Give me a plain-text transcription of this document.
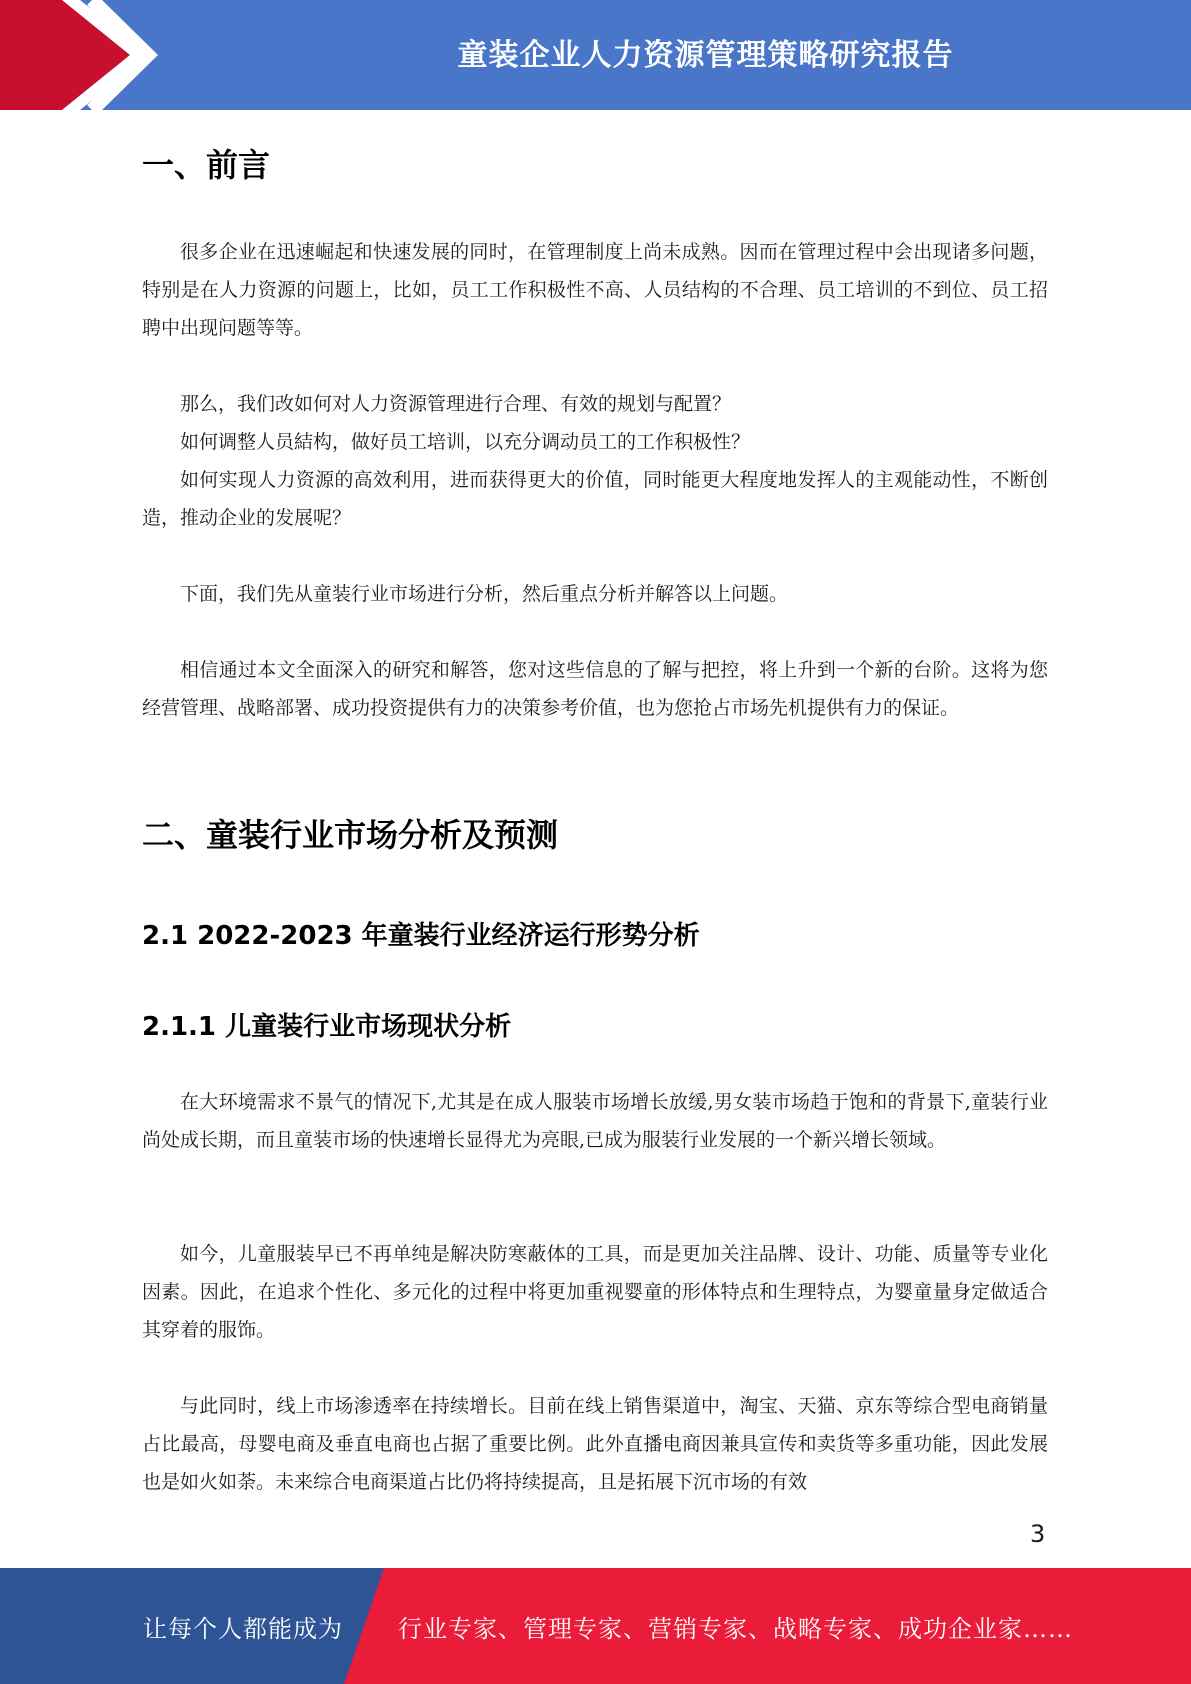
童装企业人力资源管理策略研究报告
一、前言

很多企业在迅速崛起和快速发展的同时，在管理制度上尚未成熟。因而在管理过程中会出现诸多问题，特别是在人力资源的问题上，比如，员工工作积极性不高、人员结构的不合理、员工培训的不到位、员工招聘中出现问题等等。

那么，我们改如何对人力资源管理进行合理、有效的规划与配置？

如何调整人员結构，做好员工培训，以充分调动员工的工作积极性？

如何实现人力资源的高效利用，进而获得更大的价值，同时能更大程度地发挥人的主观能动性，不断创造，推动企业的发展呢？

下面，我们先从童装行业市场进行分析，然后重点分析并解答以上问题。

相信通过本文全面深入的研究和解答，您对这些信息的了解与把控，将上升到一个新的台阶。这将为您经营管理、战略部署、成功投资提供有力的决策参考价值，也为您抢占市场先机提供有力的保证。

二、童装行业市场分析及预测
2.1 2022-2023 年童装行业经济运行形势分析
2.1.1 儿童装行业市场现状分析

在大环境需求不景气的情况下,尤其是在成人服装市场增长放缓,男女装市场趋于饱和的背景下,童装行业尚处成长期，而且童装市场的快速增长显得尤为亮眼,已成为服装行业发展的一个新兴增长领域。

如今，儿童服装早已不再单纯是解决防寒蔽体的工具，而是更加关注品牌、设计、功能、质量等专业化因素。因此，在追求个性化、多元化的过程中将更加重视婴童的形体特点和生理特点，为婴童量身定做适合其穿着的服饰。

与此同时，线上市场渗透率在持续增长。目前在线上销售渠道中，淘宝、天猫、京东等综合型电商销量占比最高，母婴电商及垂直电商也占据了重要比例。此外直播电商因兼具宣传和卖货等多重功能，因此发展也是如火如荼。未来综合电商渠道占比仍将持续提高，且是拓展下沉市场的有效

3
让每个人都能成为 行业专家、管理专家、营销专家、战略专家、成功企业家……
